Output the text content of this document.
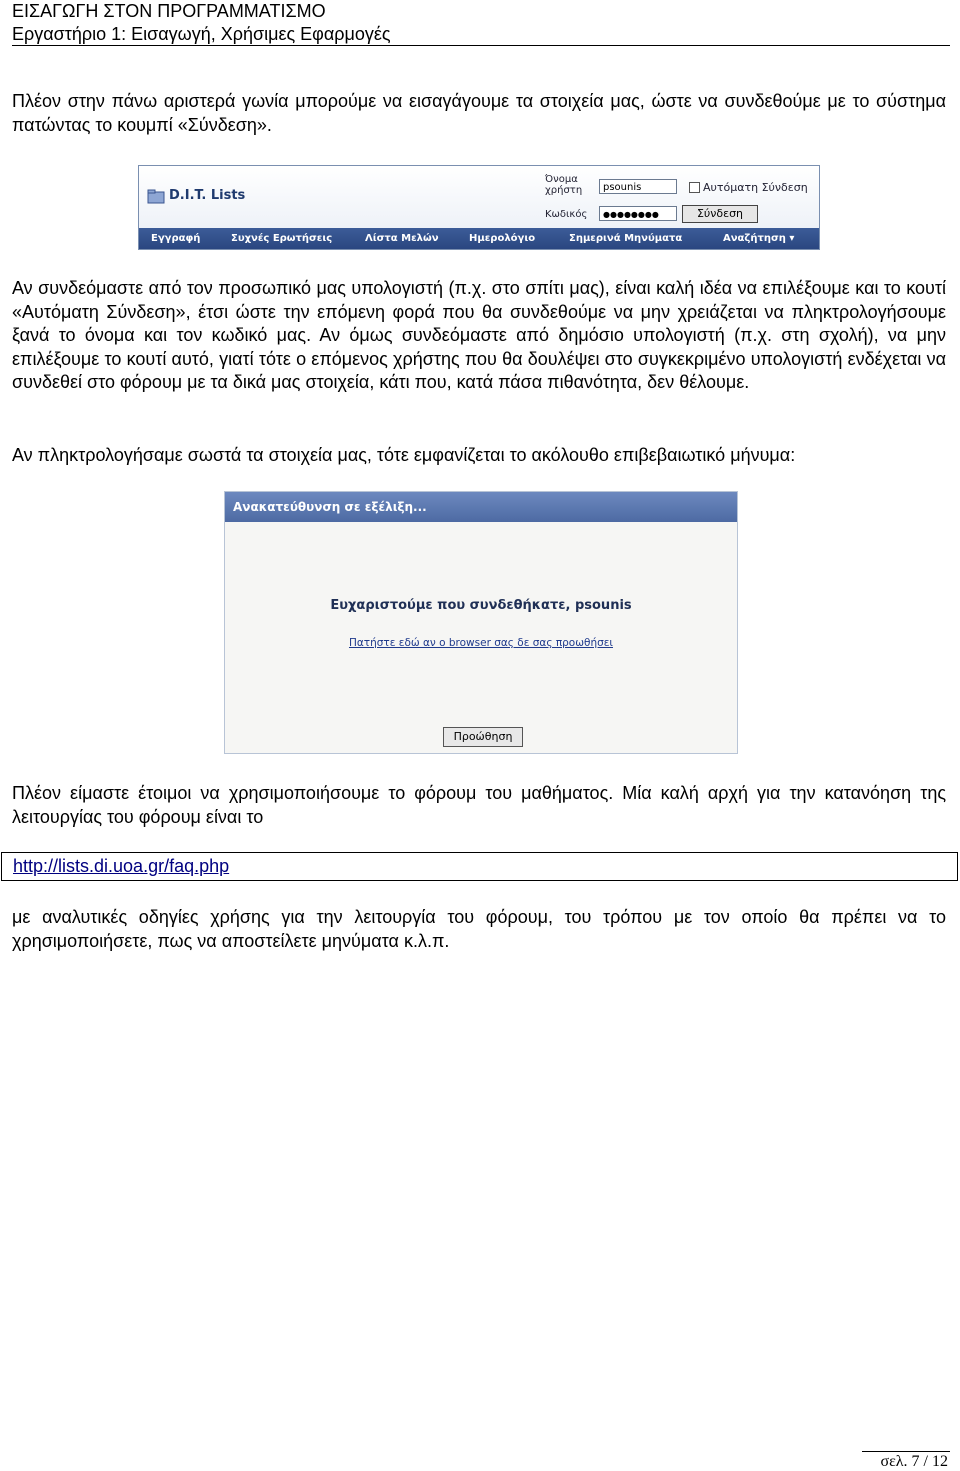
ΕΙΣΑΓΩΓΗ ΣΤΟΝ ΠΡΟΓΡΑΜΜΑΤΙΣΜΟ
Εργαστήριο 1: Εισαγωγή, Χρήσιμες Εφαρμογές
Πλέον στην πάνω αριστερά γωνία μπορούμε να εισαγάγουμε τα στοιχεία μας, ώστε να συνδεθούμε με το σύστημα πατώντας το κουμπί «Σύνδεση».
D.I.T. Lists
Όνομα χρήστη	psounis	Αυτόματη Σύνδεση
Κωδικός	●●●●●●●●	Σύνδεση
Εγγραφή	Συχνές Ερωτήσεις	Λίστα Μελών	Ημερολόγιο	Σημερινά Μηνύματα	Αναζήτηση ▾
Αν συνδεόμαστε από τον προσωπικό μας υπολογιστή (π.χ. στο σπίτι μας), είναι καλή ιδέα να επιλέξουμε και το κουτί «Αυτόματη Σύνδεση», έτσι ώστε την επόμενη φορά που θα συνδεθούμε να μην χρειάζεται να πληκτρολογήσουμε ξανά το όνομα και τον κωδικό μας. Αν όμως συνδεόμαστε από δημόσιο υπολογιστή (π.χ. στη σχολή), να μην επιλέξουμε το κουτί αυτό, γιατί τότε ο επόμενος χρήστης που θα δουλέψει στο συγκεκριμένο υπολογιστή ενδέχεται να συνδεθεί στο φόρουμ με τα δικά μας στοιχεία, κάτι που, κατά πάσα πιθανότητα, δεν θέλουμε.
Αν πληκτρολογήσαμε σωστά τα στοιχεία μας, τότε εμφανίζεται το ακόλουθο επιβεβαιωτικό μήνυμα:
Ανακατεύθυνση σε εξέλιξη...
Ευχαριστούμε που συνδεθήκατε, psounis
Πατήστε εδώ αν ο browser σας δε σας προωθήσει
Προώθηση
Πλέον είμαστε έτοιμοι να χρησιμοποιήσουμε το φόρουμ του μαθήματος. Μία καλή αρχή για την κατανόηση της λειτουργίας του φόρουμ είναι το
http://lists.di.uoa.gr/faq.php
με αναλυτικές οδηγίες χρήσης για την λειτουργία του φόρουμ, του τρόπου με τον οποίο θα πρέπει να το χρησιμοποιήσετε, πως να αποστείλετε μηνύματα κ.λ.π.
σελ. 7 / 12
